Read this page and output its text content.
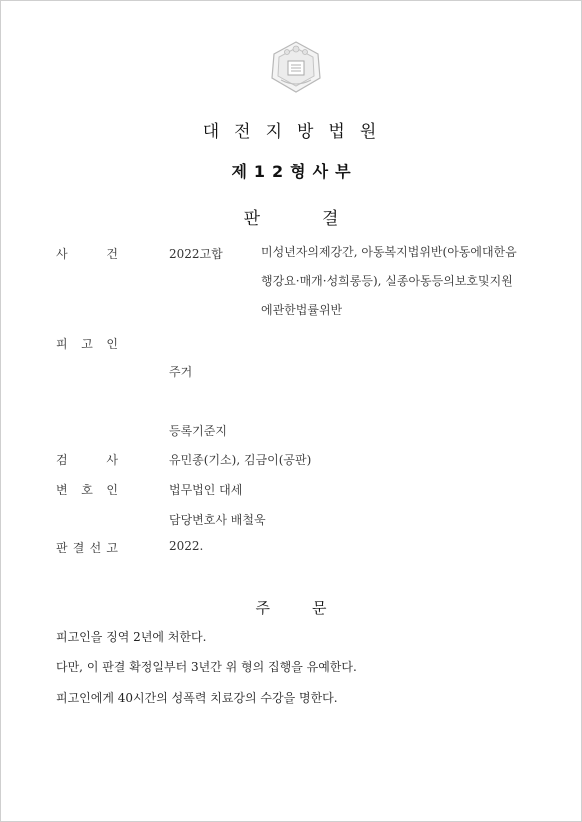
대전지방법원
제12형사부
판결
사	건	2022고합	미성년자의제강간, 아동복지법위반(아동에대한음
행강요·매개·성희롱등), 실종아동등의보호및지원
에관한법률위반
피 고 인
주거
등록기준지
검	사	유민종(기소), 김금이(공판)
변 호 인	법무법인 대세
담당변호사 배철욱
판 결 선 고	2022.
주문
피고인을 징역 2년에 처한다.
다만, 이 판결 확정일부터 3년간 위 형의 집행을 유예한다.
피고인에게 40시간의 성폭력 치료강의 수강을 명한다.
